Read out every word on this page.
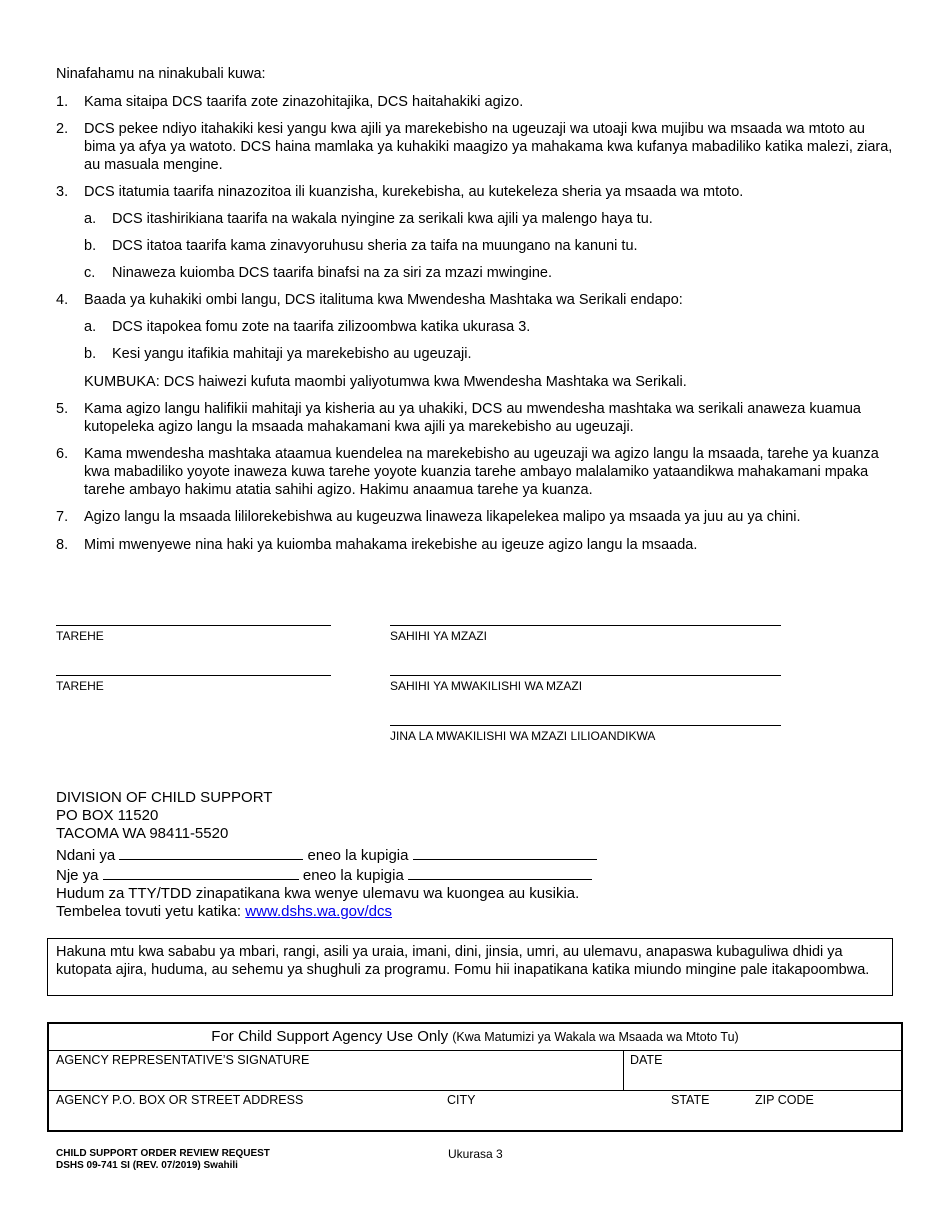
Ninafahamu na ninakubali kuwa:
1. Kama sitaipa DCS taarifa zote zinazohitajika, DCS haitahakiki agizo.
2. DCS pekee ndiyo itahakiki kesi yangu kwa ajili ya marekebisho na ugeuzaji wa utoaji kwa mujibu wa msaada wa mtoto au bima ya afya ya watoto. DCS haina mamlaka ya kuhakiki maagizo ya mahakama kwa kufanya mabadiliko katika malezi, ziara, au masuala mengine.
3. DCS itatumia taarifa ninazozitoa ili kuanzisha, kurekebisha, au kutekeleza sheria ya msaada wa mtoto.
a. DCS itashirikiana taarifa na wakala nyingine za serikali kwa ajili ya malengo haya tu.
b. DCS itatoa taarifa kama zinavyoruhusu sheria za taifa na muungano na kanuni tu.
c. Ninaweza kuiomba DCS taarifa binafsi na za siri za mzazi mwingine.
4. Baada ya kuhakiki ombi langu, DCS italituma kwa Mwendesha Mashtaka wa Serikali endapo:
a. DCS itapokea fomu zote na taarifa zilizoombwa katika ukurasa 3.
b. Kesi yangu itafikia mahitaji ya marekebisho au ugeuzaji.
KUMBUKA: DCS haiwezi kufuta maombi yaliyotumwa kwa Mwendesha Mashtaka wa Serikali.
5. Kama agizo langu halifikii mahitaji ya kisheria au ya uhakiki, DCS au mwendesha mashtaka wa serikali anaweza kuamua kutopeleka agizo langu la msaada mahakamani kwa ajili ya marekebisho au ugeuzaji.
6. Kama mwendesha mashtaka ataamua kuendelea na marekebisho au ugeuzaji wa agizo langu la msaada, tarehe ya kuanza kwa mabadiliko yoyote inaweza kuwa tarehe yoyote kuanzia tarehe ambayo malalamiko yataandikwa mahakamani mpaka tarehe ambayo hakimu atatia sahihi agizo. Hakimu anaamua tarehe ya kuanza.
7. Agizo langu la msaada lililorekebishwa au kugeuzwa linaweza likapelekea malipo ya msaada ya juu au ya chini.
8. Mimi mwenyewe nina haki ya kuiomba mahakama irekebishe au igeuze agizo langu la msaada.
TAREHE	SAHIHI YA MZAZI
TAREHE	SAHIHI YA MWAKILISHI WA MZAZI
JINA LA MWAKILISHI WA MZAZI LILIOANDIKWA
DIVISION OF CHILD SUPPORT
PO BOX 11520
TACOMA WA 98411-5520
Ndani ya	eneo la kupigia
Nje ya	eneo la kupigia
Hudum za TTY/TDD zinapatikana kwa wenye ulemavu wa kuongea au kusikia.
Tembelea tovuti yetu katika: www.dshs.wa.gov/dcs
Hakuna mtu kwa sababu ya mbari, rangi, asili ya uraia, imani, dini, jinsia, umri, au ulemavu, anapaswa kubaguliwa dhidi ya kutopata ajira, huduma, au sehemu ya shughuli za programu. Fomu hii inapatikana katika miundo mingine pale itakapoombwa.
For Child Support Agency Use Only (Kwa Matumizi ya Wakala wa Msaada wa Mtoto Tu)
AGENCY REPRESENTATIVE’S SIGNATURE	DATE
AGENCY P.O. BOX OR STREET ADDRESS	CITY	STATE	ZIP CODE
CHILD SUPPORT ORDER REVIEW REQUEST
DSHS 09-741 SI (REV. 07/2019) Swahili
Ukurasa 3
